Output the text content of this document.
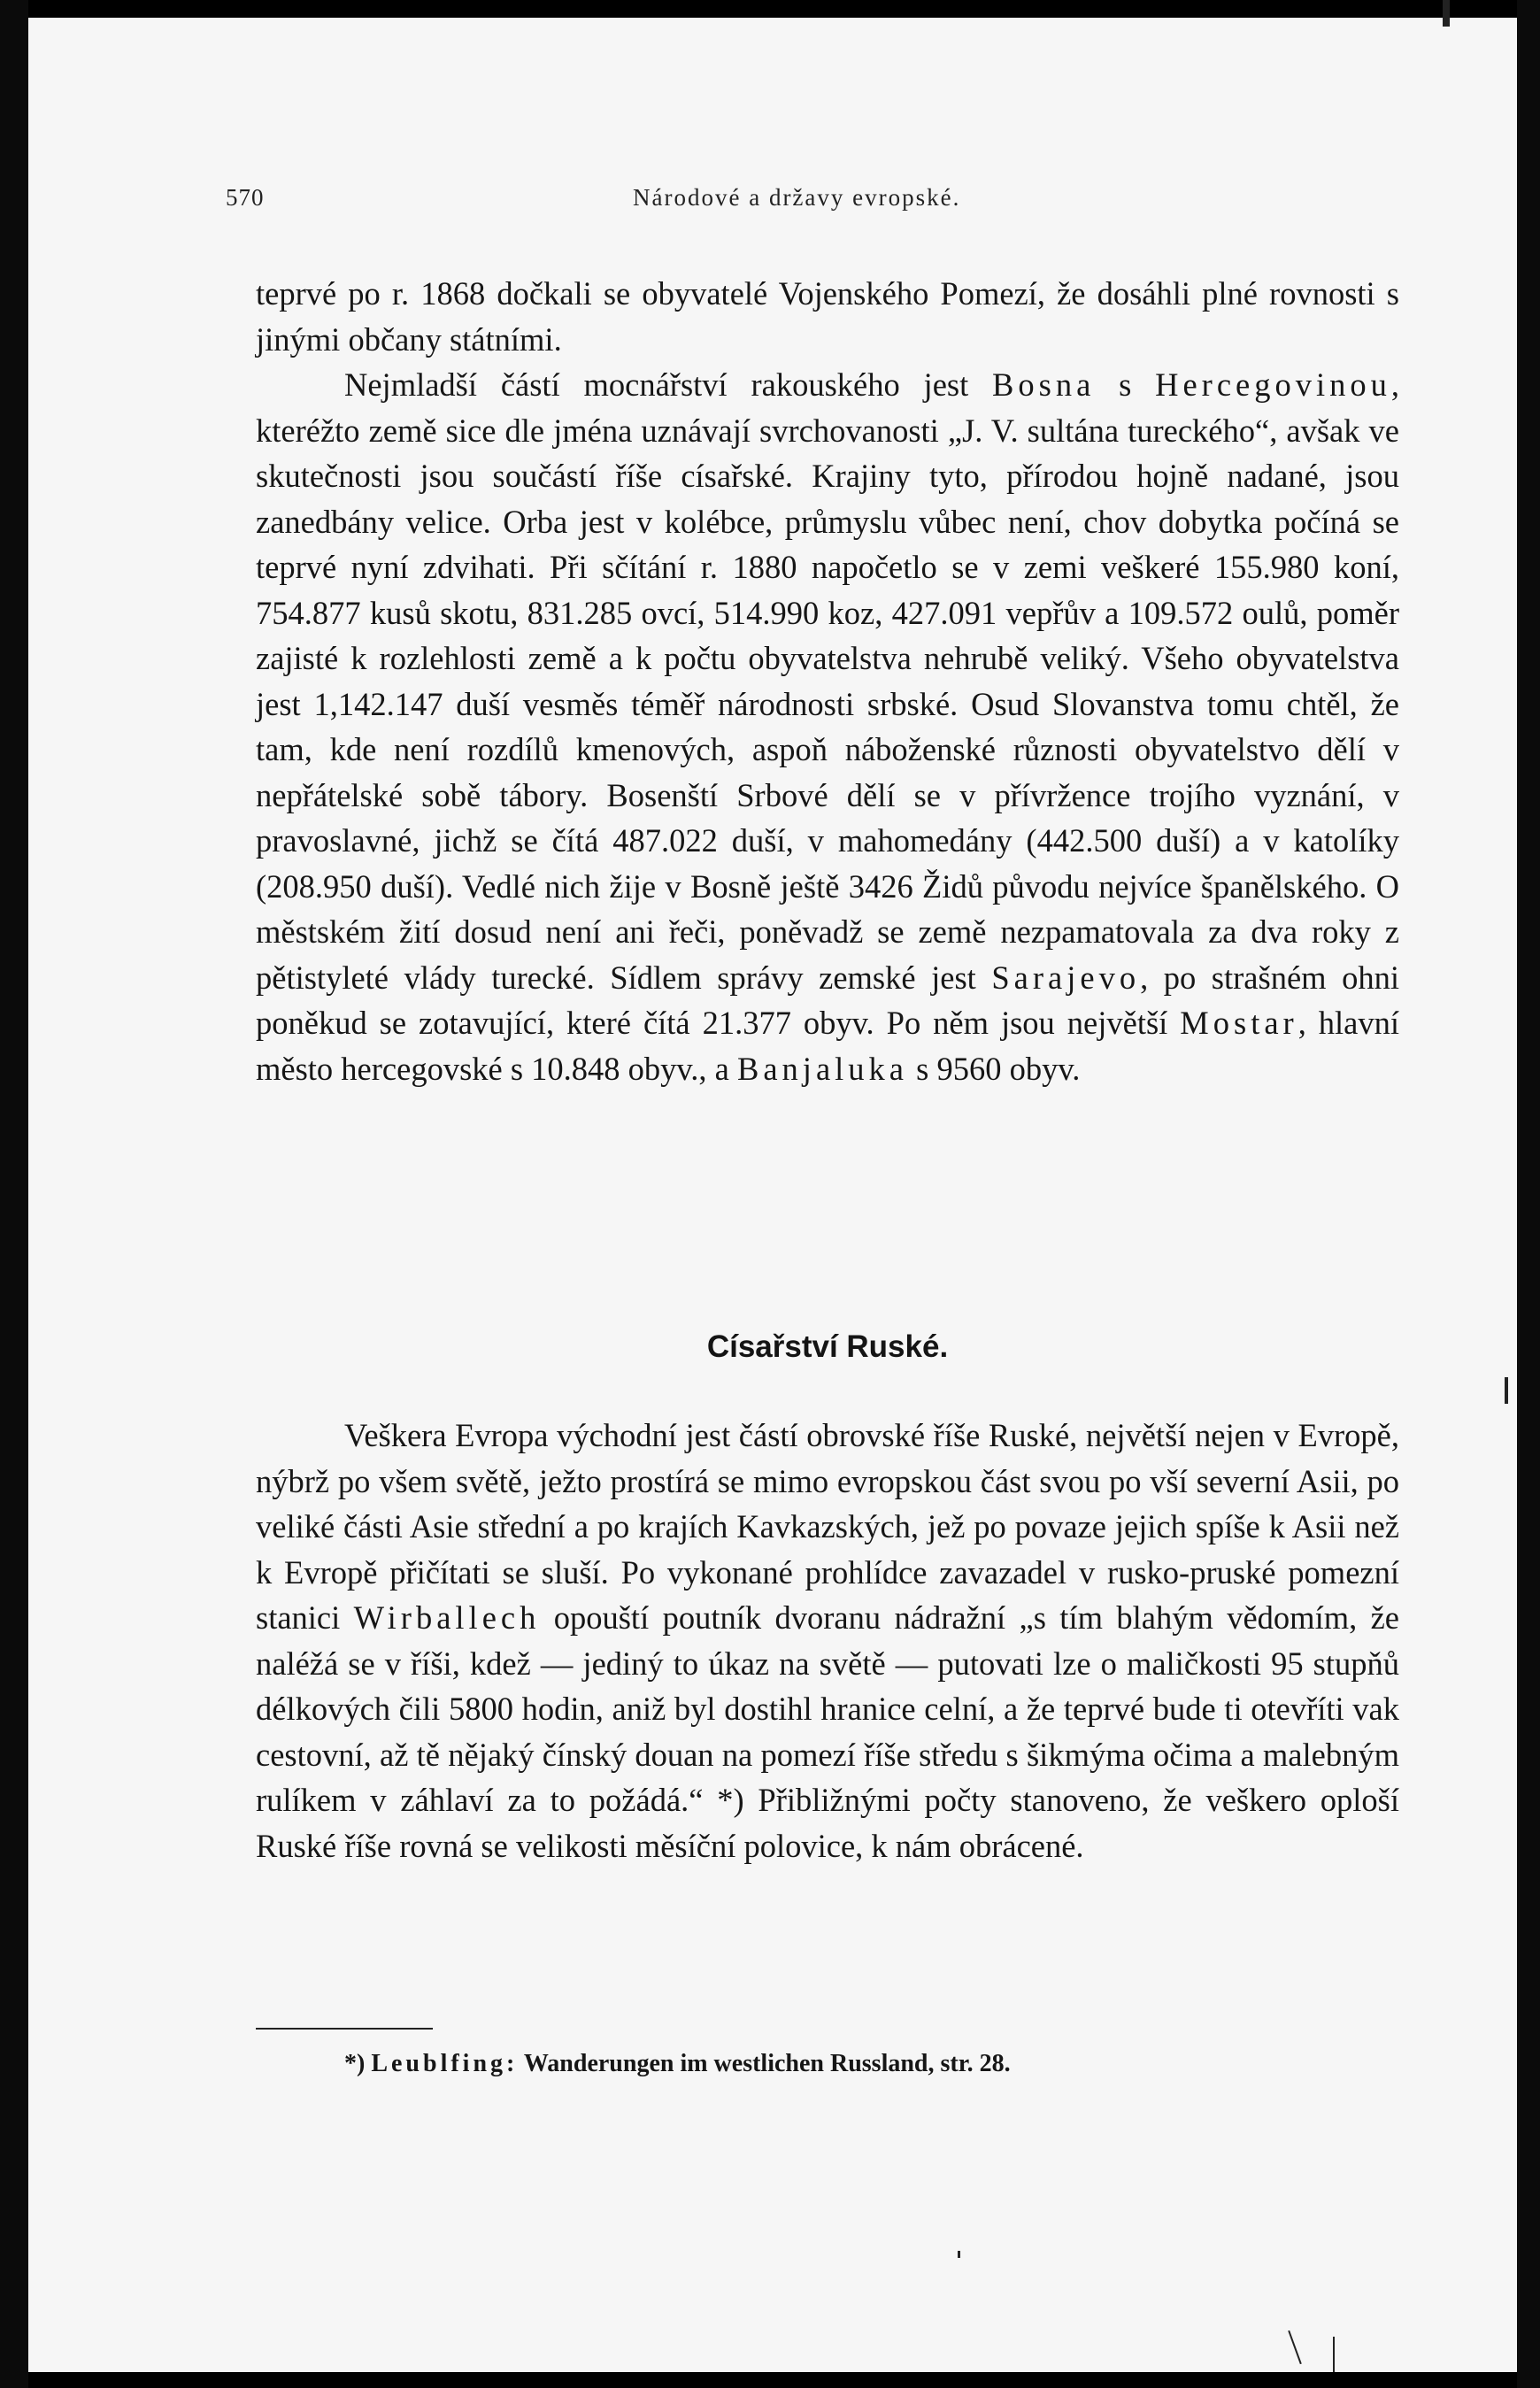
570	Národové a državy evropské.

teprvé po r. 1868 dočkali se obyvatelé Vojenského Pomezí, že dosáhli plné rovnosti s jinými občany státními.

Nejmladší částí mocnářství rakouského jest Bosna s Hercegovinou, kteréžto země sice dle jména uznávají svrchovanosti „J. V. sultána tureckého“, avšak ve skutečnosti jsou součástí říše císařské. Krajiny tyto, přírodou hojně nadané, jsou zanedbány velice. Orba jest v kolébce, průmyslu vůbec není, chov dobytka počíná se teprvé nyní zdvihati. Při sčítání r. 1880 napočetlo se v zemi veškeré 155.980 koní, 754.877 kusů skotu, 831.285 ovcí, 514.990 koz, 427.091 vepřův a 109.572 oulů, poměr zajisté k rozlehlosti země a k počtu obyvatelstva nehrubě veliký. Všeho obyvatelstva jest 1,142.147 duší vesměs téměř národnosti srbské. Osud Slovanstva tomu chtěl, že tam, kde není rozdílů kmenových, aspoň náboženské různosti obyvatelstvo dělí v nepřátelské sobě tábory. Bosenští Srbové dělí se v přívržence trojího vyznání, v pravoslavné, jichž se čítá 487.022 duší, v mahomedány (442.500 duší) a v katolíky (208.950 duší). Vedlé nich žije v Bosně ještě 3426 Židů původu nejvíce španělského. O městském žití dosud není ani řeči, poněvadž se země nezpamatovala za dva roky z pětistyleté vlády turecké. Sídlem správy zemské jest Sarajevo, po strašném ohni poněkud se zotavující, které čítá 21.377 obyv. Po něm jsou největší Mostar, hlavní město hercegovské s 10.848 obyv., a Banjaluka s 9560 obyv.

Císařství Ruské.

Veškera Evropa východní jest částí obrovské říše Ruské, největší nejen v Evropě, nýbrž po všem světě, ježto prostírá se mimo evropskou část svou po vší severní Asii, po veliké části Asie střední a po krajích Kavkazských, jež po povaze jejich spíše k Asii než k Evropě přičítati se sluší. Po vykonané prohlídce zavazadel v rusko-pruské pomezní stanici Wirballech opouští poutník dvoranu nádražní „s tím blahým vědomím, že naléžá se v říši, kdež — jediný to úkaz na světě — putovati lze o maličkosti 95 stupňů délkových čili 5800 hodin, aniž byl dostihl hranice celní, a že teprvé bude ti otevříti vak cestovní, až tě nějaký čínský douan na pomezí říše středu s šikmýma očima a malebným rulíkem v záhlaví za to požádá.“ *) Přibližnými počty stanoveno, že veškero oploší Ruské říše rovná se velikosti měsíční polovice, k nám obrácené.

*) Leublfing: Wanderungen im westlichen Russland, str. 28.
